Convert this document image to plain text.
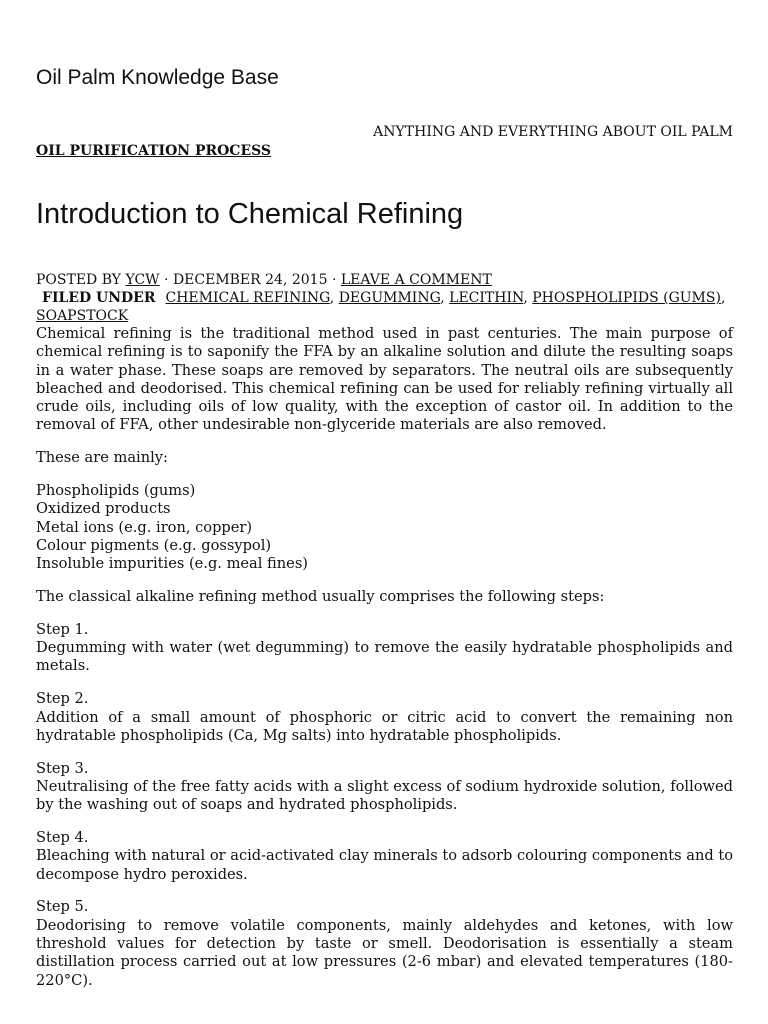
Oil Palm Knowledge Base
ANYTHING AND EVERYTHING ABOUT OIL PALM
OIL PURIFICATION PROCESS
Introduction to Chemical Refining
POSTED BY YCW · DECEMBER 24, 2015 · LEAVE A COMMENT
FILED UNDER CHEMICAL REFINING, DEGUMMING, LECITHIN, PHOSPHOLIPIDS (GUMS), SOAPSTOCK

Chemical refining is the traditional method used in past centuries. The main purpose of chemical refining is to saponify the FFA by an alkaline solution and dilute the resulting soaps in a water phase. These soaps are removed by separators. The neutral oils are subsequently bleached and deodorised. This chemical refining can be used for reliably refining virtually all crude oils, including oils of low quality, with the exception of castor oil. In addition to the removal of FFA, other undesirable non-glyceride materials are also removed.

These are mainly:

Phospholipids (gums)
Oxidized products
Metal ions (e.g. iron, copper)
Colour pigments (e.g. gossypol)
Insoluble impurities (e.g. meal fines)

The classical alkaline refining method usually comprises the following steps:

Step 1.
Degumming with water (wet degumming) to remove the easily hydratable phospholipids and metals.

Step 2.
Addition of a small amount of phosphoric or citric acid to convert the remaining non hydratable phospholipids (Ca, Mg salts) into hydratable phospholipids.

Step 3.
Neutralising of the free fatty acids with a slight excess of sodium hydroxide solution, followed by the washing out of soaps and hydrated phospholipids.

Step 4.
Bleaching with natural or acid-activated clay minerals to adsorb colouring components and to decompose hydro peroxides.

Step 5.
Deodorising to remove volatile components, mainly aldehydes and ketones, with low threshold values for detection by taste or smell. Deodorisation is essentially a steam distillation process carried out at low pressures (2-6 mbar) and elevated temperatures (180-220°C).
